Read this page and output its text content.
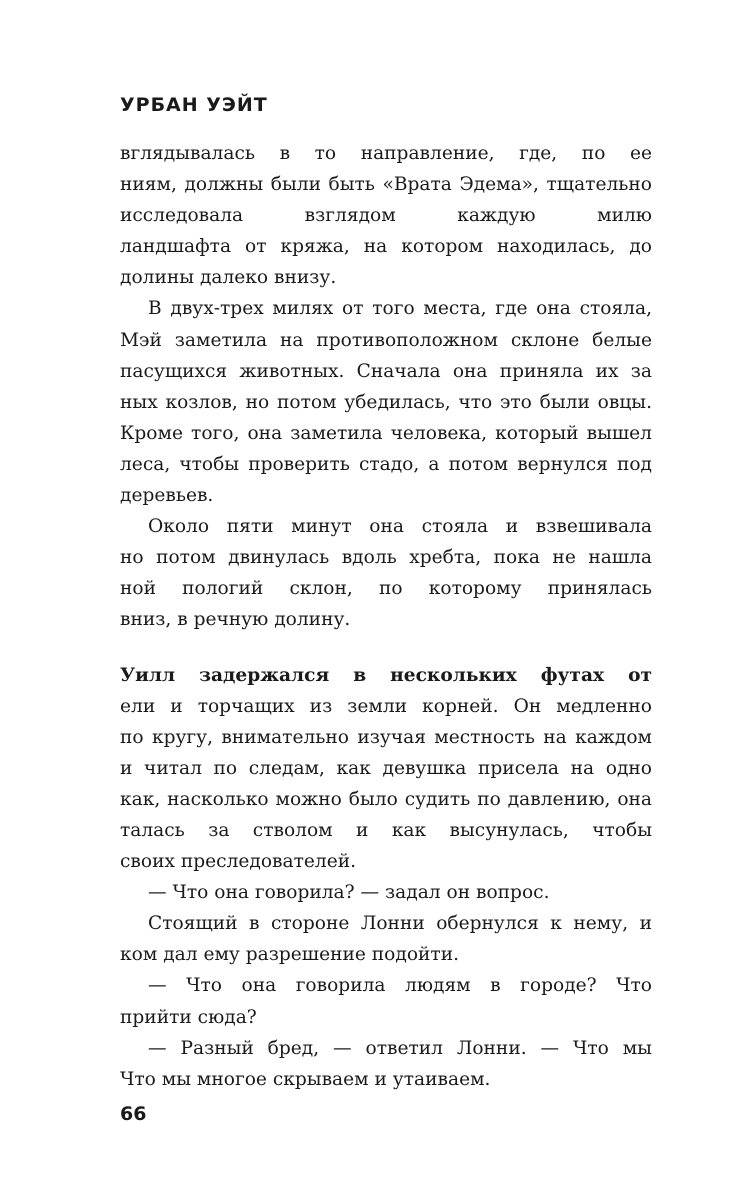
УРБАН УЭЙТ
вглядывалась в то направление, где, по ее
ниям, должны были быть «Врата Эдема», тщательно
исследовала взглядом каждую милю
ландшафта от кряжа, на котором находилась, до
долины далеко внизу.
В двух-трех милях от того места, где она стояла,
Мэй заметила на противоположном склоне белые
пасущихся животных. Сначала она приняла их за
ных козлов, но потом убедилась, что это были овцы.
Кроме того, она заметила человека, который вышел
леса, чтобы проверить стадо, а потом вернулся под
деревьев.
Около пяти минут она стояла и взвешивала
но потом двинулась вдоль хребта, пока не нашла
ной пологий склон, по которому принялась
вниз, в речную долину.
Уилл задержался в нескольких футах от
ели и торчащих из земли корней. Он медленно
по кругу, внимательно изучая местность на каждом
и читал по следам, как девушка присела на одно
как, насколько можно было судить по давлению, она
талась за стволом и как высунулась, чтобы
своих преследователей.
— Что она говорила? — задал он вопрос.
Стоящий в стороне Лонни обернулся к нему, и
ком дал ему разрешение подойти.
— Что она говорила людям в городе? Что
прийти сюда?
— Разный бред, — ответил Лонни. — Что мы
Что мы многое скрываем и утаиваем.
66
